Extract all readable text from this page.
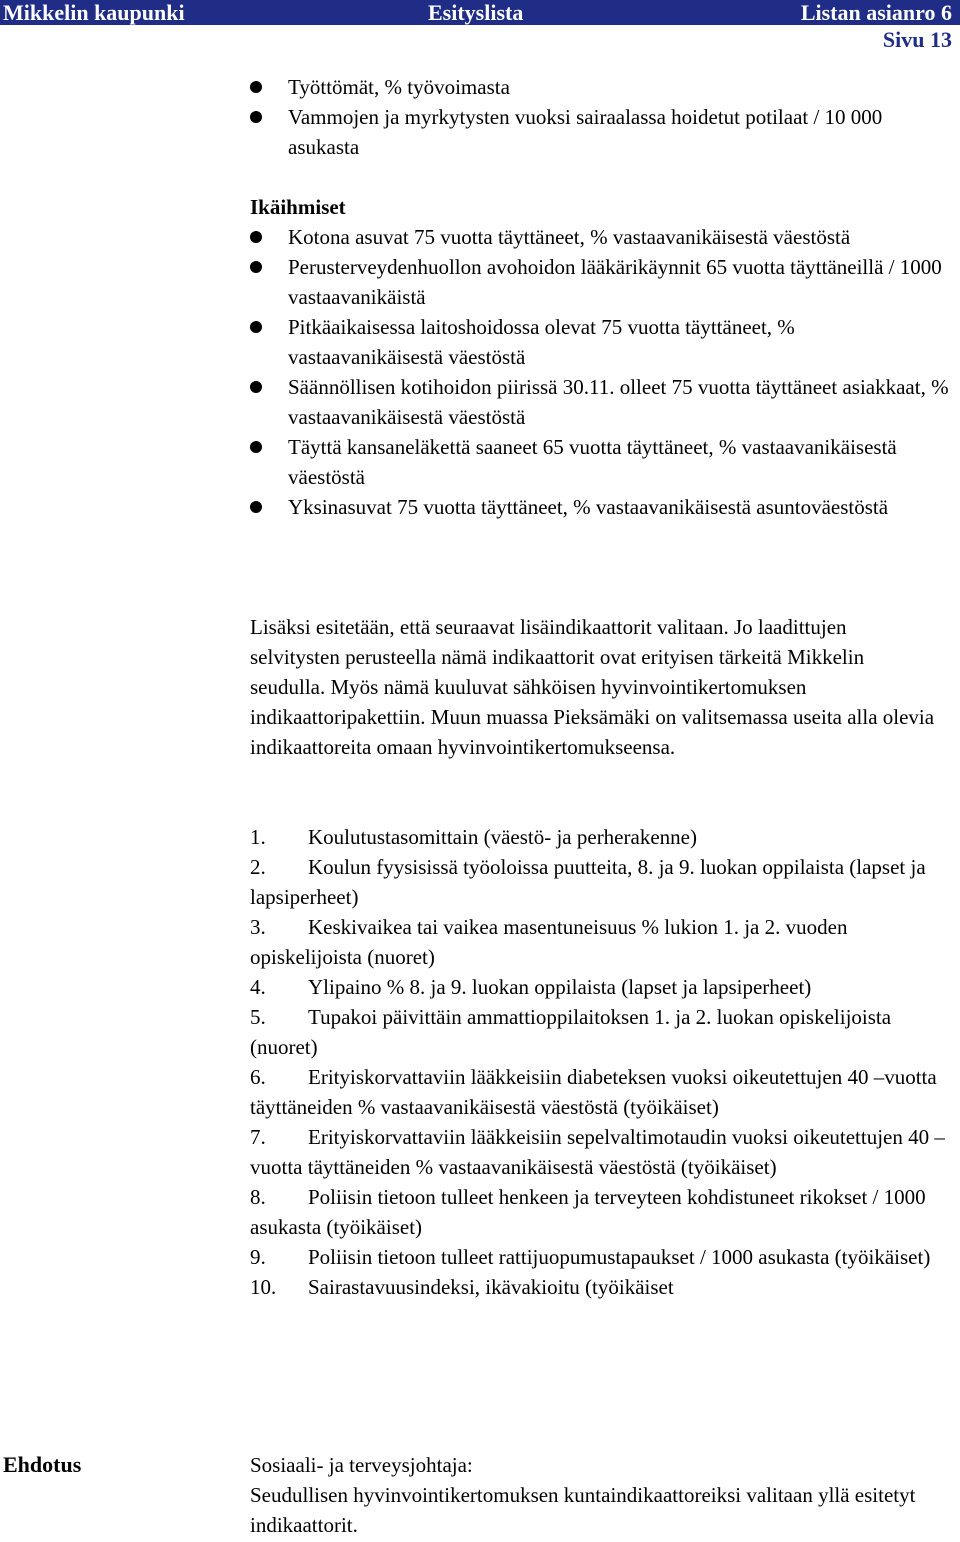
Mikkelin kaupunki	Esityslista	Listan asianro 6
Sivu 13
Työttömät, % työvoimasta
Vammojen ja myrkytysten vuoksi sairaalassa hoidetut potilaat / 10 000 asukasta
Ikäihmiset
Kotona asuvat 75 vuotta täyttäneet, % vastaavanikäisestä väestöstä
Perusterveydenhuollon avohoidon lääkärikäynnit 65 vuotta täyttäneillä / 1000 vastaavanikäistä
Pitkäaikaisessa laitoshoidossa olevat 75 vuotta täyttäneet, % vastaavanikäisestä väestöstä
Säännöllisen kotihoidon piirissä 30.11. olleet 75 vuotta täyttäneet asiakkaat, % vastaavanikäisestä väestöstä
Täyttä kansaneläkettä saaneet 65 vuotta täyttäneet, % vastaavanikäisestä väestöstä
Yksinasuvat 75 vuotta täyttäneet, % vastaavanikäisestä asuntoväestöstä

Lisäksi esitetään, että seuraavat lisäindikaattorit valitaan. Jo laadittujen selvitysten perusteella nämä indikaattorit ovat erityisen tärkeitä Mikkelin seudulla. Myös nämä kuuluvat sähköisen hyvinvointikertomuksen indikaattoripakettiin. Muun muassa Pieksämäki on valitsemassa useita alla olevia indikaattoreita omaan hyvinvointikertomukseensa.

1. Koulutustasomittain (väestö- ja perherakenne)
2. Koulun fyysisissä työoloissa puutteita, 8. ja 9. luokan oppilaista (lapset ja lapsiperheet)
3. Keskivaikea tai vaikea masentuneisuus % lukion 1. ja 2. vuoden opiskelijoista (nuoret)
4. Ylipaino % 8. ja 9. luokan oppilaista (lapset ja lapsiperheet)
5. Tupakoi päivittäin ammattioppilaitoksen 1. ja 2. luokan opiskelijoista (nuoret)
6. Erityiskorvattaviin lääkkeisiin diabeteksen vuoksi oikeutettujen 40 –vuotta täyttäneiden % vastaavanikäisestä väestöstä (työikäiset)
7. Erityiskorvattaviin lääkkeisiin sepelvaltimotaudin vuoksi oikeutettujen 40 –vuotta täyttäneiden % vastaavanikäisestä väestöstä (työikäiset)
8. Poliisin tietoon tulleet henkeen ja terveyteen kohdistuneet rikokset / 1000 asukasta (työikäiset)
9. Poliisin tietoon tulleet rattijuopumustapaukset / 1000 asukasta (työikäiset)
10. Sairastavuusindeksi, ikävakioitu (työikäiset
Ehdotus	Sosiaali- ja terveysjohtaja:
Seudullisen hyvinvointikertomuksen kuntaindikaattoreiksi valitaan yllä esitetyt indikaattorit.
